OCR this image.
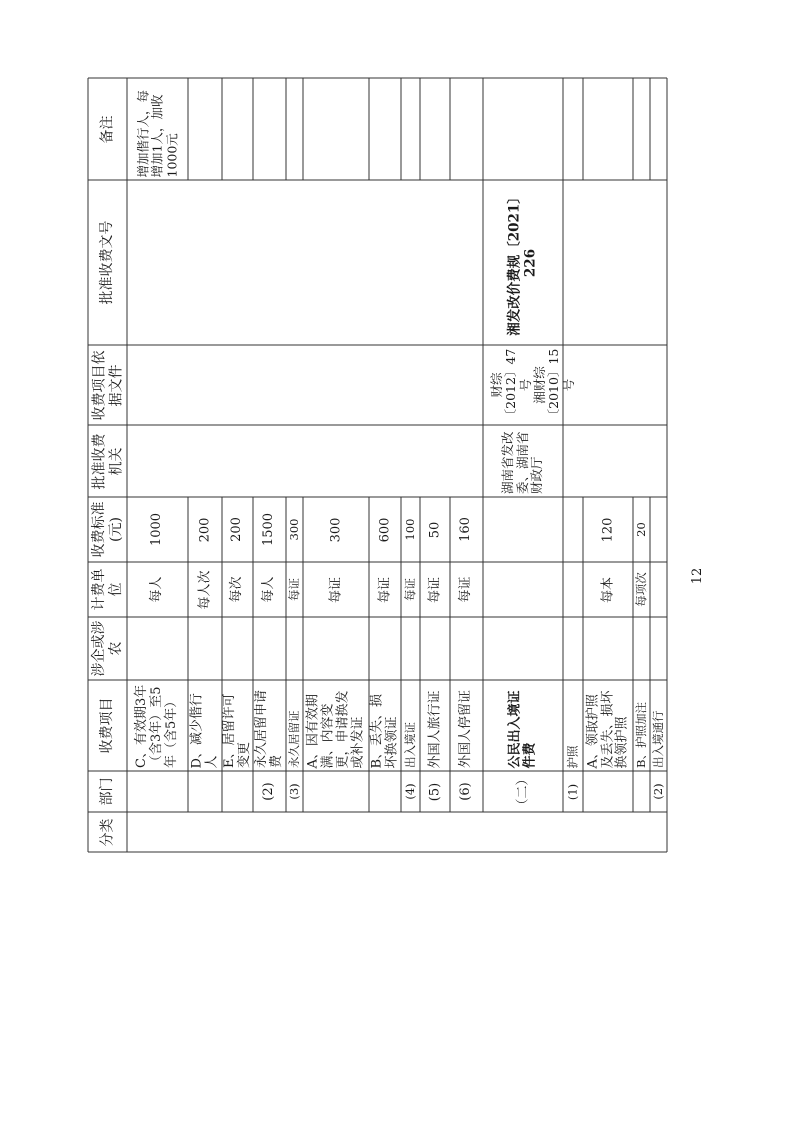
分类
部门
收费项目
涉企或涉农
计费单位
收费标准(元)
批准收费机关
收费项目依据文件
批准收费文号
备注
C、有效期3年（含3年）至5年（含5年）
每人
1000
增加偕行人，每增加1人，加收1000元
D、减少偕行人
每人次
200
E、居留许可变更
每次
200
(2)
永久居留申请费
每人
1500
(3)
永久居留证
每证
300
A、因有效期满、内容变更，申请换发或补发证
每证
300
B、丢失、损坏换领证
每证
600
(4)
出入境证
每证
100
(5)
外国人旅行证
每证
50
(6)
外国人停留证
每证
160
（二）
公民出入境证件费
(1)
护照 A、领取护照及丢失、损坏换领护照
每本
120
B、护照加注
每项次
20
(2)
出入境通行
湖南省发改委、湖南省财政厅
财综〔2012〕47号
湘财综〔2010〕15号
湘发改价费规〔2021〕226
12
